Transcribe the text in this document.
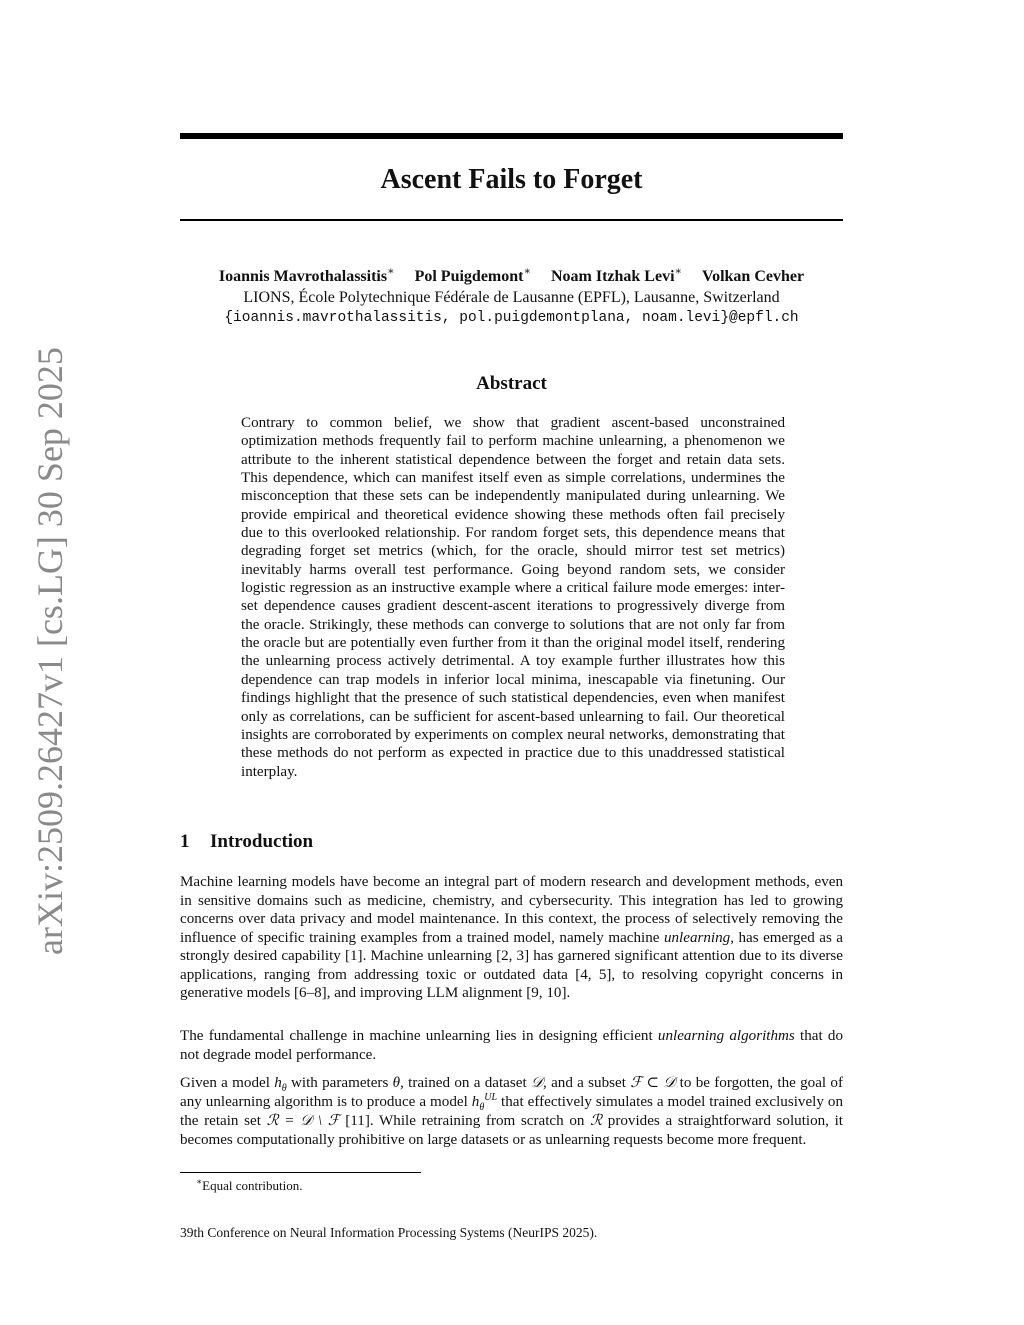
arXiv:2509.26427v1 [cs.LG] 30 Sep 2025
Ascent Fails to Forget
Ioannis Mavrothalassitis∗ Pol Puigdemont∗ Noam Itzhak Levi∗ Volkan Cevher
LIONS, École Polytechnique Fédérale de Lausanne (EPFL), Lausanne, Switzerland
{ioannis.mavrothalassitis, pol.puigdemontplana, noam.levi}@epfl.ch
Abstract
Contrary to common belief, we show that gradient ascent-based unconstrained optimization methods frequently fail to perform machine unlearning, a phenomenon we attribute to the inherent statistical dependence between the forget and retain data sets. This dependence, which can manifest itself even as simple correlations, undermines the misconception that these sets can be independently manipulated during unlearning. We provide empirical and theoretical evidence showing these methods often fail precisely due to this overlooked relationship. For random forget sets, this dependence means that degrading forget set metrics (which, for the oracle, should mirror test set metrics) inevitably harms overall test performance. Going beyond random sets, we consider logistic regression as an instructive example where a critical failure mode emerges: inter-set dependence causes gradient descent-ascent iterations to progressively diverge from the oracle. Strikingly, these methods can converge to solutions that are not only far from the oracle but are potentially even further from it than the original model itself, rendering the unlearning process actively detrimental. A toy example further illustrates how this dependence can trap models in inferior local minima, inescapable via finetuning. Our findings highlight that the presence of such statistical dependencies, even when manifest only as correlations, can be sufficient for ascent-based unlearning to fail. Our theoretical insights are corroborated by experiments on complex neural networks, demonstrating that these methods do not perform as expected in practice due to this unaddressed statistical interplay.
1 Introduction

Machine learning models have become an integral part of modern research and development methods, even in sensitive domains such as medicine, chemistry, and cybersecurity. This integration has led to growing concerns over data privacy and model maintenance. In this context, the process of selectively removing the influence of specific training examples from a trained model, namely machine unlearning, has emerged as a strongly desired capability [1]. Machine unlearning [2, 3] has garnered significant attention due to its diverse applications, ranging from addressing toxic or outdated data [4, 5], to resolving copyright concerns in generative models [6–8], and improving LLM alignment [9, 10].

The fundamental challenge in machine unlearning lies in designing efficient unlearning algorithms that do not degrade model performance.

Given a model $h_\theta$ with parameters θ, trained on a dataset 𝒟, and a subset ℱ ⊂ 𝒟 to be forgotten, the goal of any unlearning algorithm is to produce a model $h_\theta^{UL}$ that effectively simulates a model trained exclusively on the retain set ℛ = 𝒟 \ ℱ [11]. While retraining from scratch on ℛ provides a straightforward solution, it becomes computationally prohibitive on large datasets or as unlearning requests become more frequent.

∗Equal contribution.
39th Conference on Neural Information Processing Systems (NeurIPS 2025).
